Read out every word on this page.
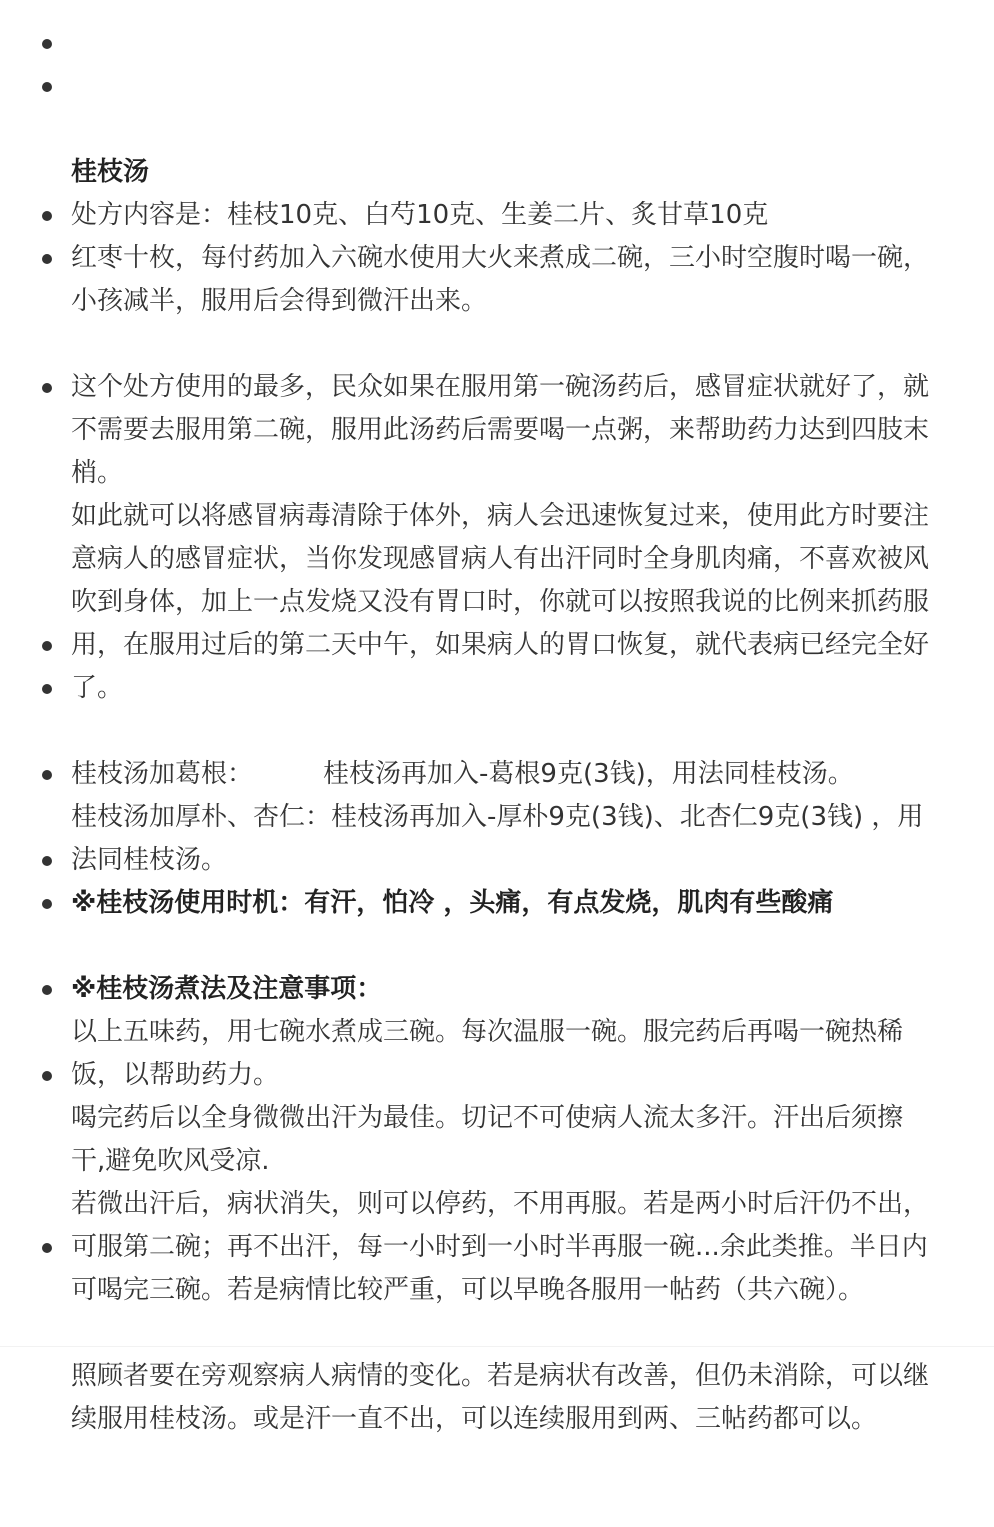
桂枝汤

处方内容是：桂枝10克、白芍10克、生姜二片、炙甘草10克
红枣十枚，每付药加入六碗水使用大火来煮成二碗，三小时空腹时喝一碗，小孩减半，服用后会得到微汗出来。

这个处方使用的最多，民众如果在服用第一碗汤药后，感冒症状就好了，就不需要去服用第二碗，服用此汤药后需要喝一点粥，来帮助药力达到四肢末梢。

如此就可以将感冒病毒清除于体外，病人会迅速恢复过来，使用此方时要注意病人的感冒症状，当你发现感冒病人有出汗同时全身肌肉痛，不喜欢被风吹到身体，加上一点发烧又没有胃口时，你就可以按照我说的比例来抓药服用，在服用过后的第二天中午，如果病人的胃口恢复，就代表病已经完全好了。

桂枝汤加葛根：	桂枝汤再加入-葛根9克(3钱)，用法同桂枝汤。

桂枝汤加厚朴、杏仁：桂枝汤再加入-厚朴9克(3钱)、北杏仁9克(3钱) ，用法同桂枝汤。

※桂枝汤使用时机：有汗，怕冷 ，头痛，有点发烧，肌肉有些酸痛

※桂枝汤煮法及注意事项：

以上五味药，用七碗水煮成三碗。每次温服一碗。服完药后再喝一碗热稀饭，以帮助药力。

喝完药后以全身微微出汗为最佳。切记不可使病人流太多汗。汗出后须擦干,避免吹风受凉.

若微出汗后，病状消失，则可以停药，不用再服。若是两小时后汗仍不出，可服第二碗；再不出汗，每一小时到一小时半再服一碗...余此类推。半日内可喝完三碗。若是病情比较严重，可以早晚各服用一帖药（共六碗）。

照顾者要在旁观察病人病情的变化。若是病状有改善，但仍未消除，可以继续服用桂枝汤。或是汗一直不出，可以连续服用到两、三帖药都可以。
